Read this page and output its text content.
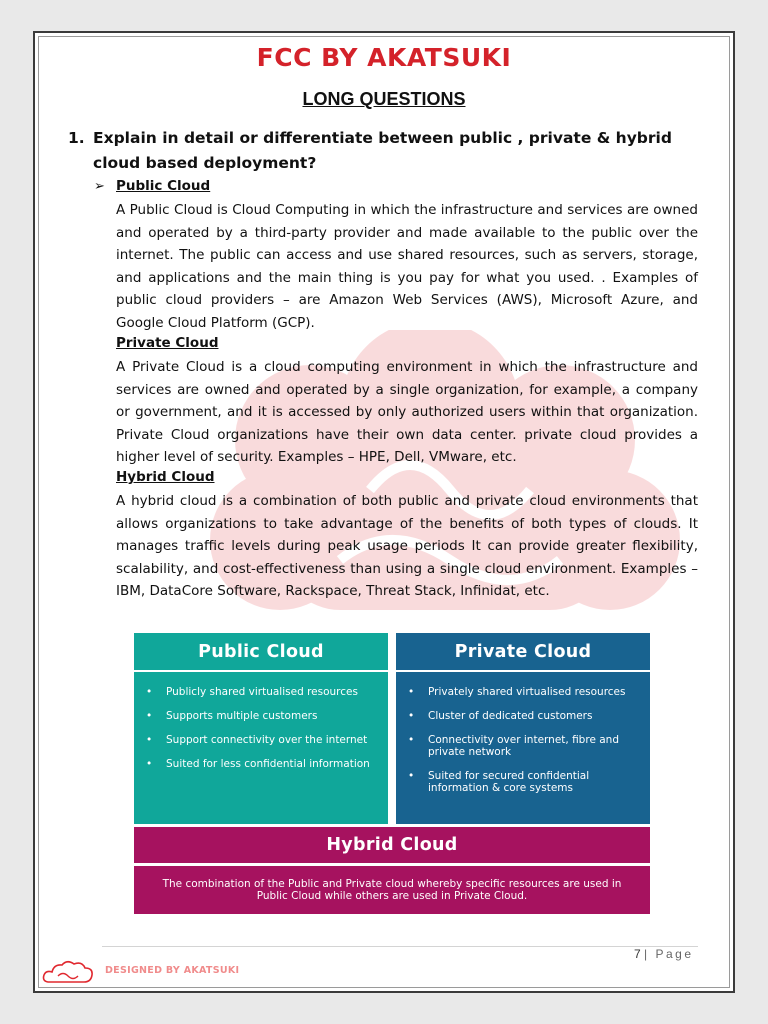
FCC BY AKATSUKI
LONG QUESTIONS
1. Explain in detail or differentiate between public , private & hybrid cloud based deployment?
➢ Public Cloud
A Public Cloud is Cloud Computing in which the infrastructure and services are owned and operated by a third-party provider and made available to the public over the internet. The public can access and use shared resources, such as servers, storage, and applications and the main thing is you pay for what you used. . Examples of public cloud providers – are Amazon Web Services (AWS), Microsoft Azure, and Google Cloud Platform (GCP).
Private Cloud
A Private Cloud is a cloud computing environment in which the infrastructure and services are owned and operated by a single organization, for example, a company or government, and it is accessed by only authorized users within that organization. Private Cloud organizations have their own data center. private cloud provides a higher level of security. Examples – HPE, Dell, VMware, etc.
Hybrid Cloud
A hybrid cloud is a combination of both public and private cloud environments that allows organizations to take advantage of the benefits of both types of clouds. It manages traffic levels during peak usage periods It can provide greater flexibility, scalability, and cost-effectiveness than using a single cloud environment. Examples – IBM, DataCore Software, Rackspace, Threat Stack, Infinidat, etc.
Public Cloud
• Publicly shared virtualised resources
• Supports multiple customers
• Support connectivity over the internet
• Suited for less confidential information
Private Cloud
• Privately shared virtualised resources
• Cluster of dedicated customers
• Connectivity over internet, fibre and private network
• Suited for secured confidential information & core systems
Hybrid Cloud
The combination of the Public and Private cloud whereby specific resources are used in Public Cloud while others are used in Private Cloud.
7 | Page
DESIGNED BY AKATSUKI
